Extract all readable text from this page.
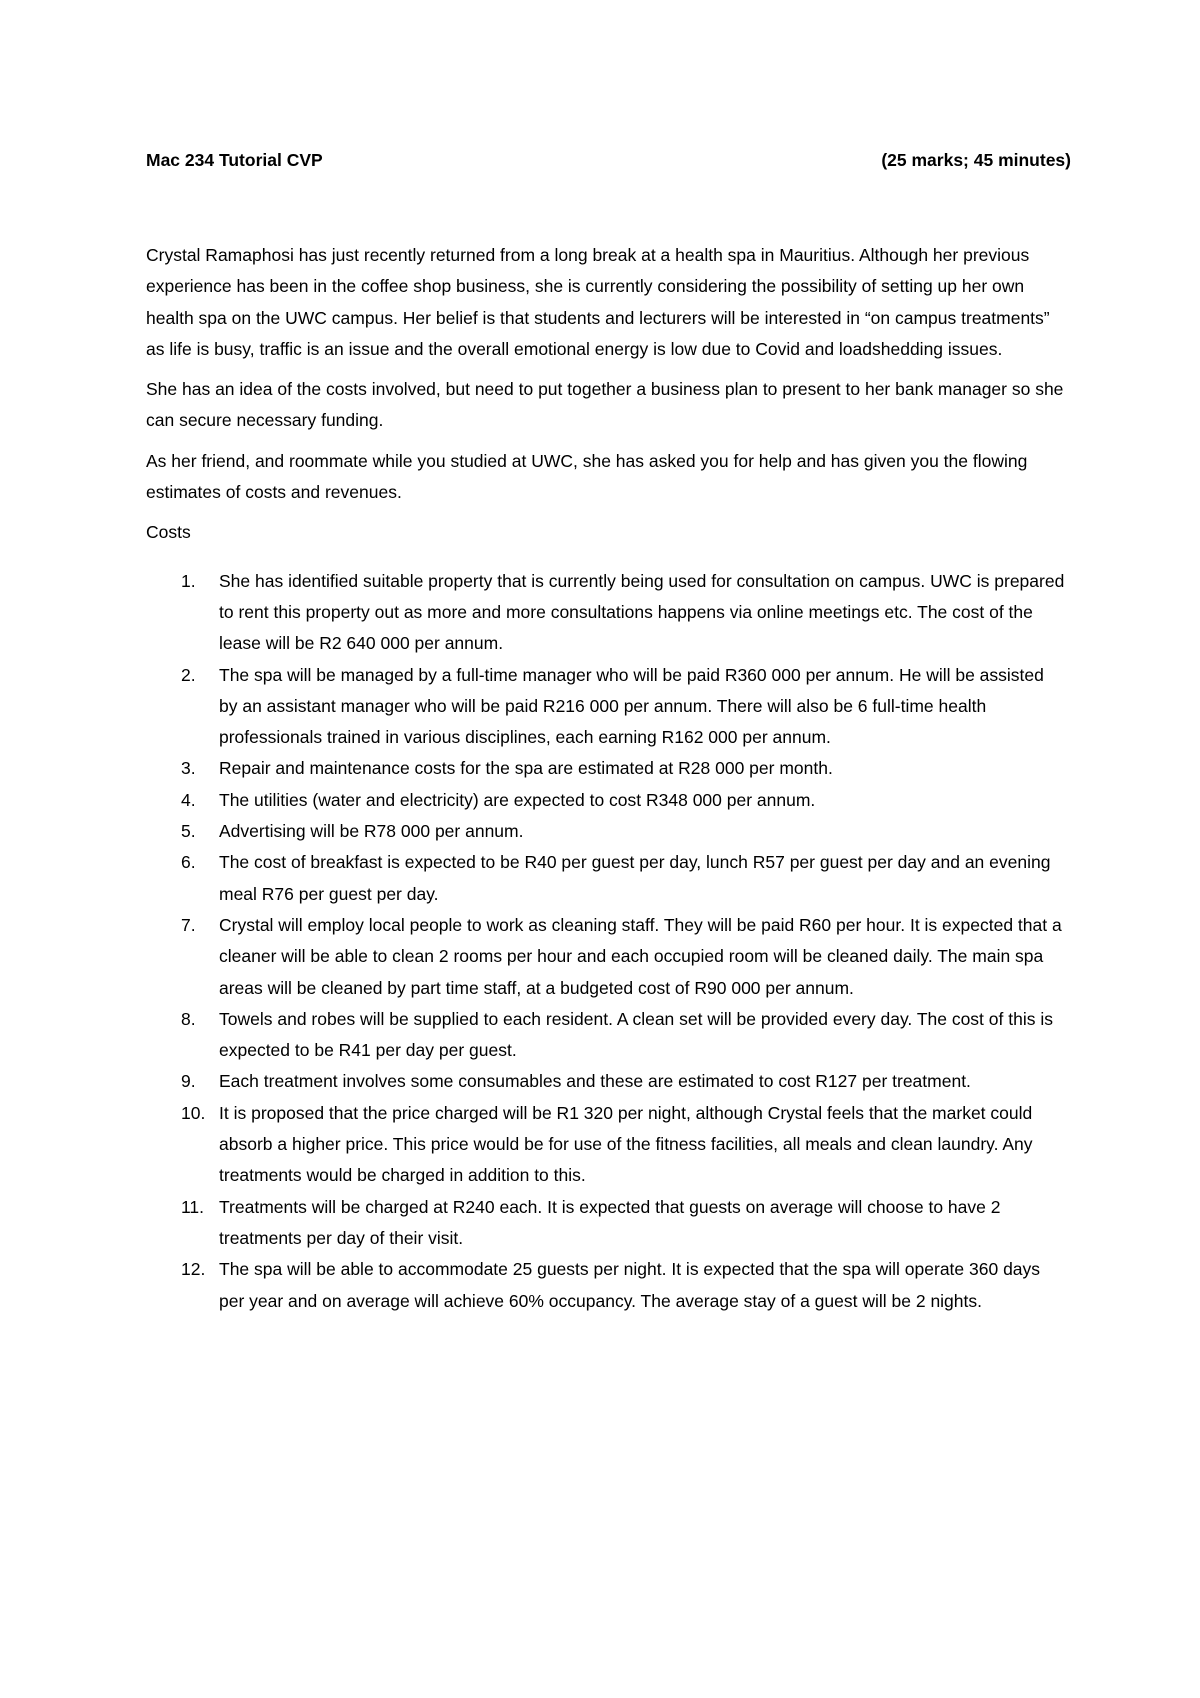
Mac 234 Tutorial CVP	(25 marks; 45 minutes)

Crystal Ramaphosi has just recently returned from a long break at a health spa in Mauritius. Although her previous experience has been in the coffee shop business, she is currently considering the possibility of setting up her own health spa on the UWC campus. Her belief is that students and lecturers will be interested in “on campus treatments” as life is busy, traffic is an issue and the overall emotional energy is low due to Covid and loadshedding issues.

She has an idea of the costs involved, but need to put together a business plan to present to her bank manager so she can secure necessary funding.

As her friend, and roommate while you studied at UWC, she has asked you for help and has given you the flowing estimates of costs and revenues.

Costs

1.	She has identified suitable property that is currently being used for consultation on campus. UWC is prepared to rent this property out as more and more consultations happens via online meetings etc. The cost of the lease will be R2 640 000 per annum.
2.	The spa will be managed by a full-time manager who will be paid R360 000 per annum. He will be assisted by an assistant manager who will be paid R216 000 per annum. There will also be 6 full-time health professionals trained in various disciplines, each earning R162 000 per annum.
3.	Repair and maintenance costs for the spa are estimated at R28 000 per month.
4.	The utilities (water and electricity) are expected to cost R348 000 per annum.
5.	Advertising will be R78 000 per annum.
6.	The cost of breakfast is expected to be R40 per guest per day, lunch R57 per guest per day and an evening meal R76 per guest per day.
7.	Crystal will employ local people to work as cleaning staff. They will be paid R60 per hour. It is expected that a cleaner will be able to clean 2 rooms per hour and each occupied room will be cleaned daily. The main spa areas will be cleaned by part time staff, at a budgeted cost of R90 000 per annum.
8.	Towels and robes will be supplied to each resident. A clean set will be provided every day. The cost of this is expected to be R41 per day per guest.
9.	Each treatment involves some consumables and these are estimated to cost R127 per treatment.
10. It is proposed that the price charged will be R1 320 per night, although Crystal feels that the market could absorb a higher price. This price would be for use of the fitness facilities, all meals and clean laundry. Any treatments would be charged in addition to this.
11. Treatments will be charged at R240 each. It is expected that guests on average will choose to have 2 treatments per day of their visit.
12. The spa will be able to accommodate 25 guests per night. It is expected that the spa will operate 360 days per year and on average will achieve 60% occupancy. The average stay of a guest will be 2 nights.
